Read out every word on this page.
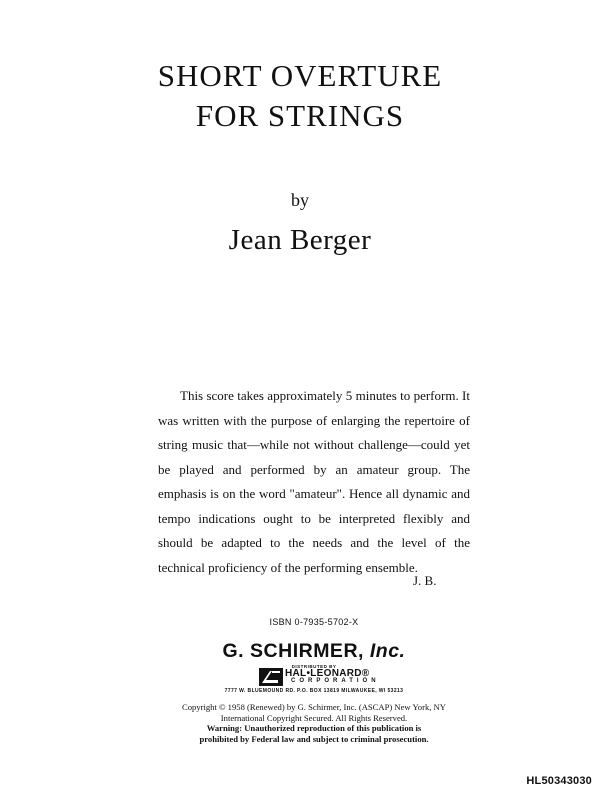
SHORT OVERTURE
FOR STRINGS
by
Jean Berger

This score takes approximately 5 minutes to perform. It was written with the purpose of enlarging the repertoire of string music that—while not without challenge—could yet be played and performed by an amateur group. The emphasis is on the word "amateur". Hence all dynamic and tempo indications ought to be interpreted flexibly and should be adapted to the needs and the level of the technical proficiency of the performing ensemble.

J. B.
ISBN 0-7935-5702-X
G. SCHIRMER, Inc.
DISTRIBUTED BY
HAL•LEONARD®
CORPORATION
7777 W. BLUEMOUND RD. P.O. BOX 13819 MILWAUKEE, WI 53213
Copyright © 1958 (Renewed) by G. Schirmer, Inc. (ASCAP) New York, NY
International Copyright Secured. All Rights Reserved.
Warning: Unauthorized reproduction of this publication is
prohibited by Federal law and subject to criminal prosecution.
HL50343030
